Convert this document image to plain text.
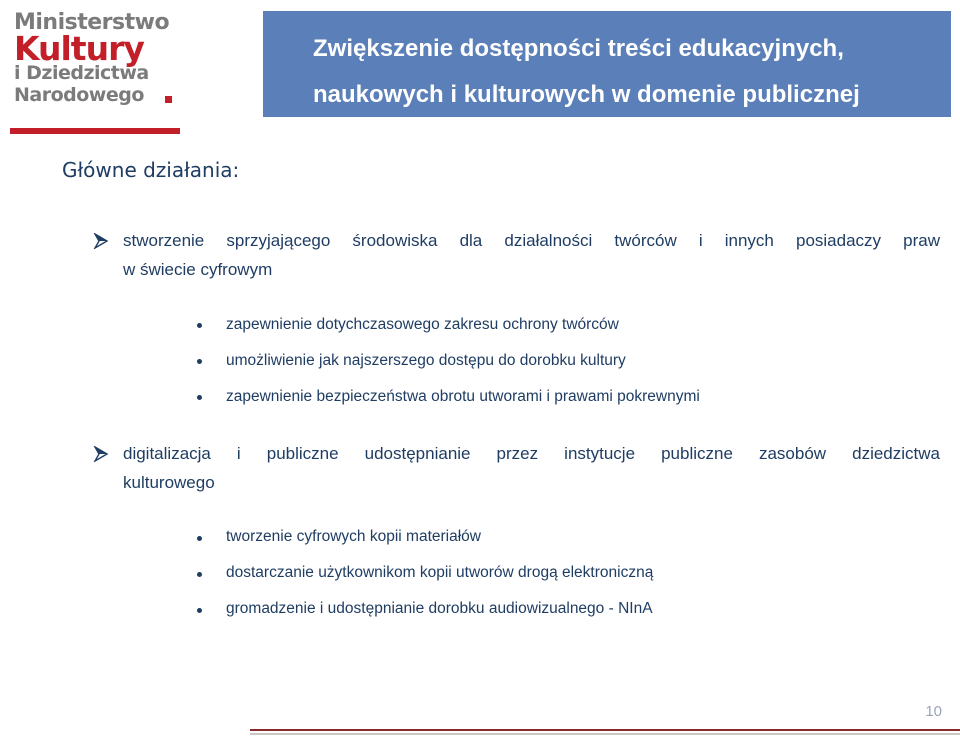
Ministerstwo
Kultury
i Dziedzictwa
Narodowego
Zwiększenie dostępności treści edukacyjnych,
naukowych i kulturowych w domenie publicznej
Główne działania:
stworzenie sprzyjającego środowiska dla działalności twórców i innych posiadaczy praw
w świecie cyfrowym
zapewnienie dotychczasowego zakresu ochrony twórców
umożliwienie jak najszerszego dostępu do dorobku kultury
zapewnienie bezpieczeństwa obrotu utworami i prawami pokrewnymi
digitalizacja i publiczne udostępnianie przez instytucje publiczne zasobów dziedzictwa
kulturowego
tworzenie cyfrowych kopii materiałów
dostarczanie użytkownikom kopii utworów drogą elektroniczną
gromadzenie i udostępnianie dorobku audiowizualnego - NInA
10
